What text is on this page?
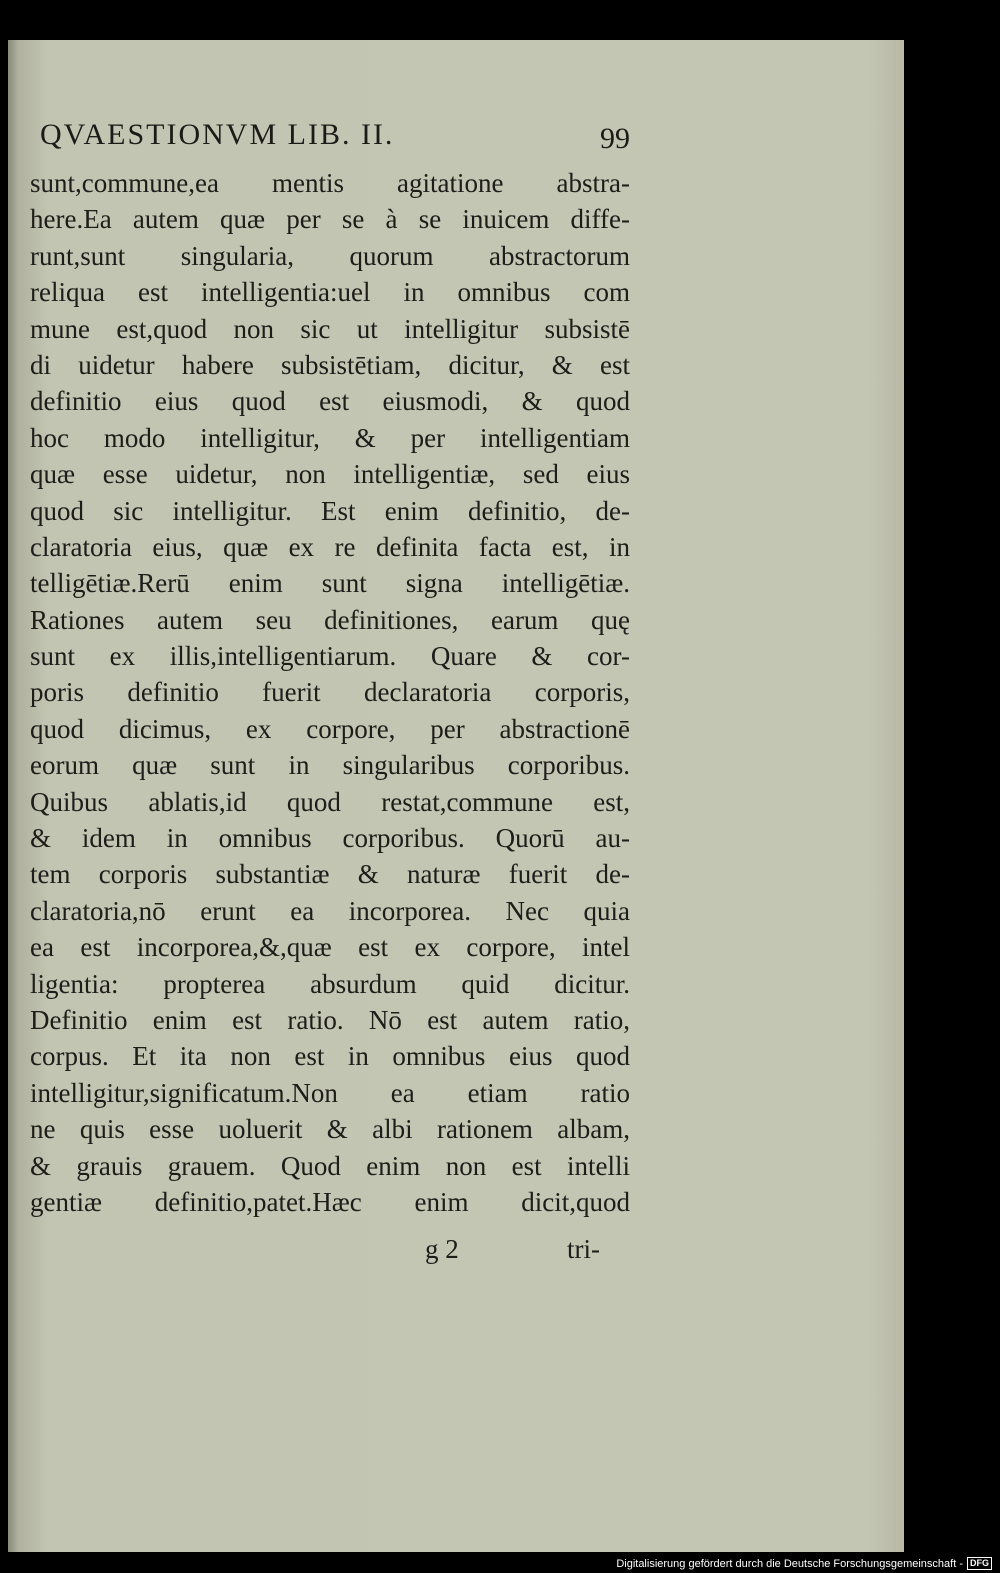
QVAESTIONVM LIB. II.	99
sunt,commune,ea mentis agitatione abstra-
here.Ea autem quæ per se à se inuicem diffe-
runt,sunt singularia, quorum abstractorum
reliqua est intelligentia:uel in omnibus com
mune est,quod non sic ut intelligitur subsistē
di uidetur habere subsistētiam, dicitur, & est
definitio eius quod est eiusmodi, & quod
hoc modo intelligitur, & per intelligentiam
quæ esse uidetur, non intelligentiæ, sed eius
quod sic intelligitur. Est enim definitio, de-
claratoria eius, quæ ex re definita facta est, in
telligētiæ.Rerū enim sunt signa intelligētiæ.
Rationes autem seu definitiones, earum quę
sunt ex illis,intelligentiarum. Quare & cor-
poris definitio fuerit declaratoria corporis,
quod dicimus, ex corpore, per abstractionē
eorum quæ sunt in singularibus corporibus.
Quibus ablatis,id quod restat,commune est,
& idem in omnibus corporibus. Quorū au-
tem corporis substantiæ & naturæ fuerit de-
claratoria,nō erunt ea incorporea. Nec quia
ea est incorporea,&,quæ est ex corpore, intel
ligentia: propterea absurdum quid dicitur.
Definitio enim est ratio. Nō est autem ratio,
corpus. Et ita non est in omnibus eius quod
intelligitur,significatum.Non ea etiam ratio
ne quis esse uoluerit & albi rationem albam,
& grauis grauem. Quod enim non est intelli
gentiæ definitio,patet.Hæc enim dicit,quod
g 2	tri-
Digitalisierung gefördert durch die Deutsche Forschungsgemeinschaft - DFG
